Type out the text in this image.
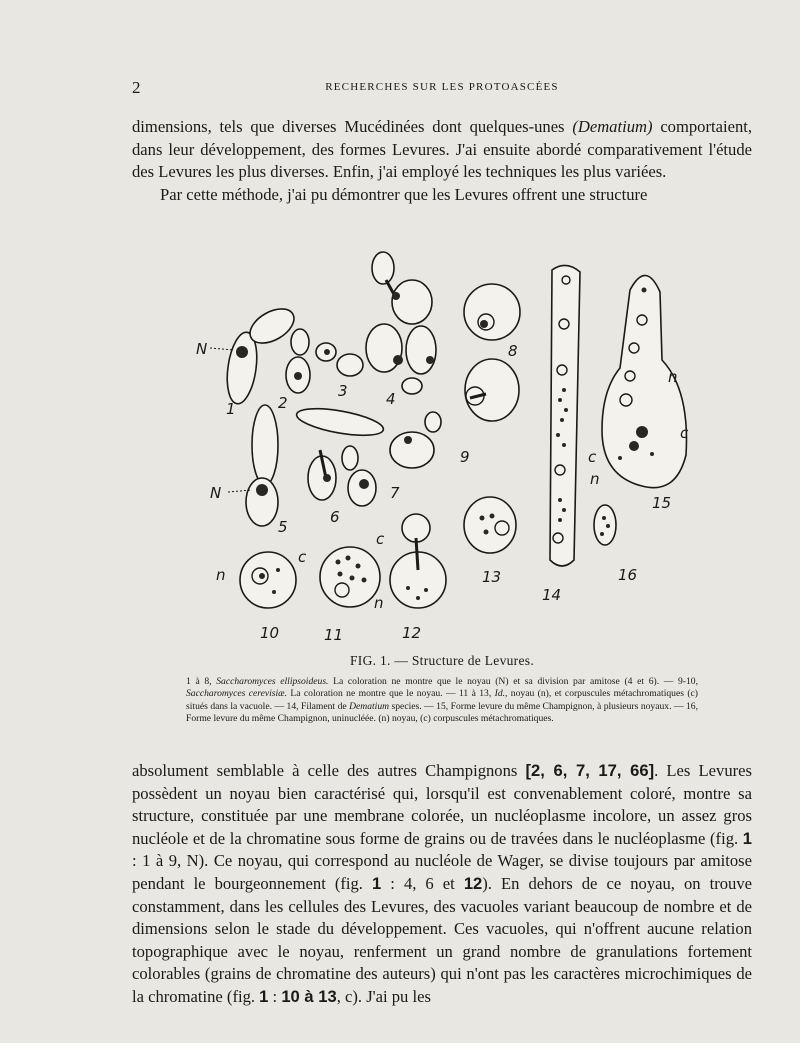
2	RECHERCHES SUR LES PROTOASCÉES

dimensions, tels que diverses Mucédinées dont quelques-unes (Dematium) comportaient, dans leur développement, des formes Levures. J'ai ensuite abordé comparativement l'étude des Levures les plus diverses. Enfin, j'ai employé les techniques les plus variées.

Par cette méthode, j'ai pu démontrer que les Levures offrent une structure

N
N
n
c
c
n
c
n
n
c
1	2
3	4
5
6
7
8
9
10	11	12
13
14
15
16
FIG. 1. — Structure de Levures.

1 à 8, Saccharomyces ellipsoideus. La coloration ne montre que le noyau (N) et sa division par amitose (4 et 6). — 9-10, Saccharomyces cerevisiæ. La coloration ne montre que le noyau. — 11 à 13, Id., noyau (n), et corpuscules métachromatiques (c) situés dans la vacuole. — 14, Filament de Dematium species. — 15, Forme levure du même Champignon, à plusieurs noyaux. — 16, Forme levure du même Champignon, uninucléée. (n) noyau, (c) corpuscules métachromatiques.

absolument semblable à celle des autres Champignons [2, 6, 7, 17, 66]. Les Levures possèdent un noyau bien caractérisé qui, lorsqu'il est convenablement coloré, montre sa structure, constituée par une membrane colorée, un nucléoplasme incolore, un assez gros nucléole et de la chromatine sous forme de grains ou de travées dans le nucléoplasme (fig. 1 : 1 à 9, N). Ce noyau, qui correspond au nucléole de Wager, se divise toujours par amitose pendant le bourgeonnement (fig. 1 : 4, 6 et 12). En dehors de ce noyau, on trouve constamment, dans les cellules des Levures, des vacuoles variant beaucoup de nombre et de dimensions selon le stade du développement. Ces vacuoles, qui n'offrent aucune relation topographique avec le noyau, renferment un grand nombre de granulations fortement colorables (grains de chromatine des auteurs) qui n'ont pas les caractères microchimiques de la chromatine (fig. 1 : 10 à 13, c). J'ai pu les
